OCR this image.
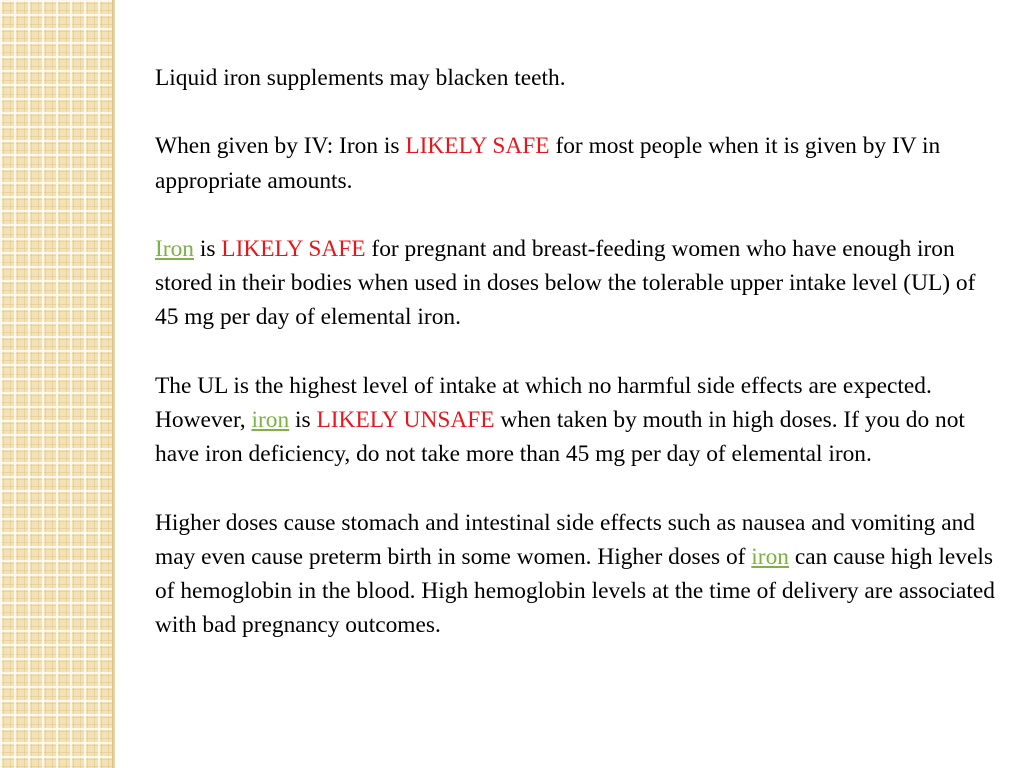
Liquid iron supplements may blacken teeth.

When given by IV: Iron is LIKELY SAFE for most people when it is given by IV in appropriate amounts.

Iron is LIKELY SAFE for pregnant and breast-feeding women who have enough iron stored in their bodies when used in doses below the tolerable upper intake level (UL) of 45 mg per day of elemental iron.

The UL is the highest level of intake at which no harmful side effects are expected. However, iron is LIKELY UNSAFE when taken by mouth in high doses. If you do not have iron deficiency, do not take more than 45 mg per day of elemental iron.

Higher doses cause stomach and intestinal side effects such as nausea and vomiting and may even cause preterm birth in some women. Higher doses of iron can cause high levels of hemoglobin in the blood. High hemoglobin levels at the time of delivery are associated with bad pregnancy outcomes.
